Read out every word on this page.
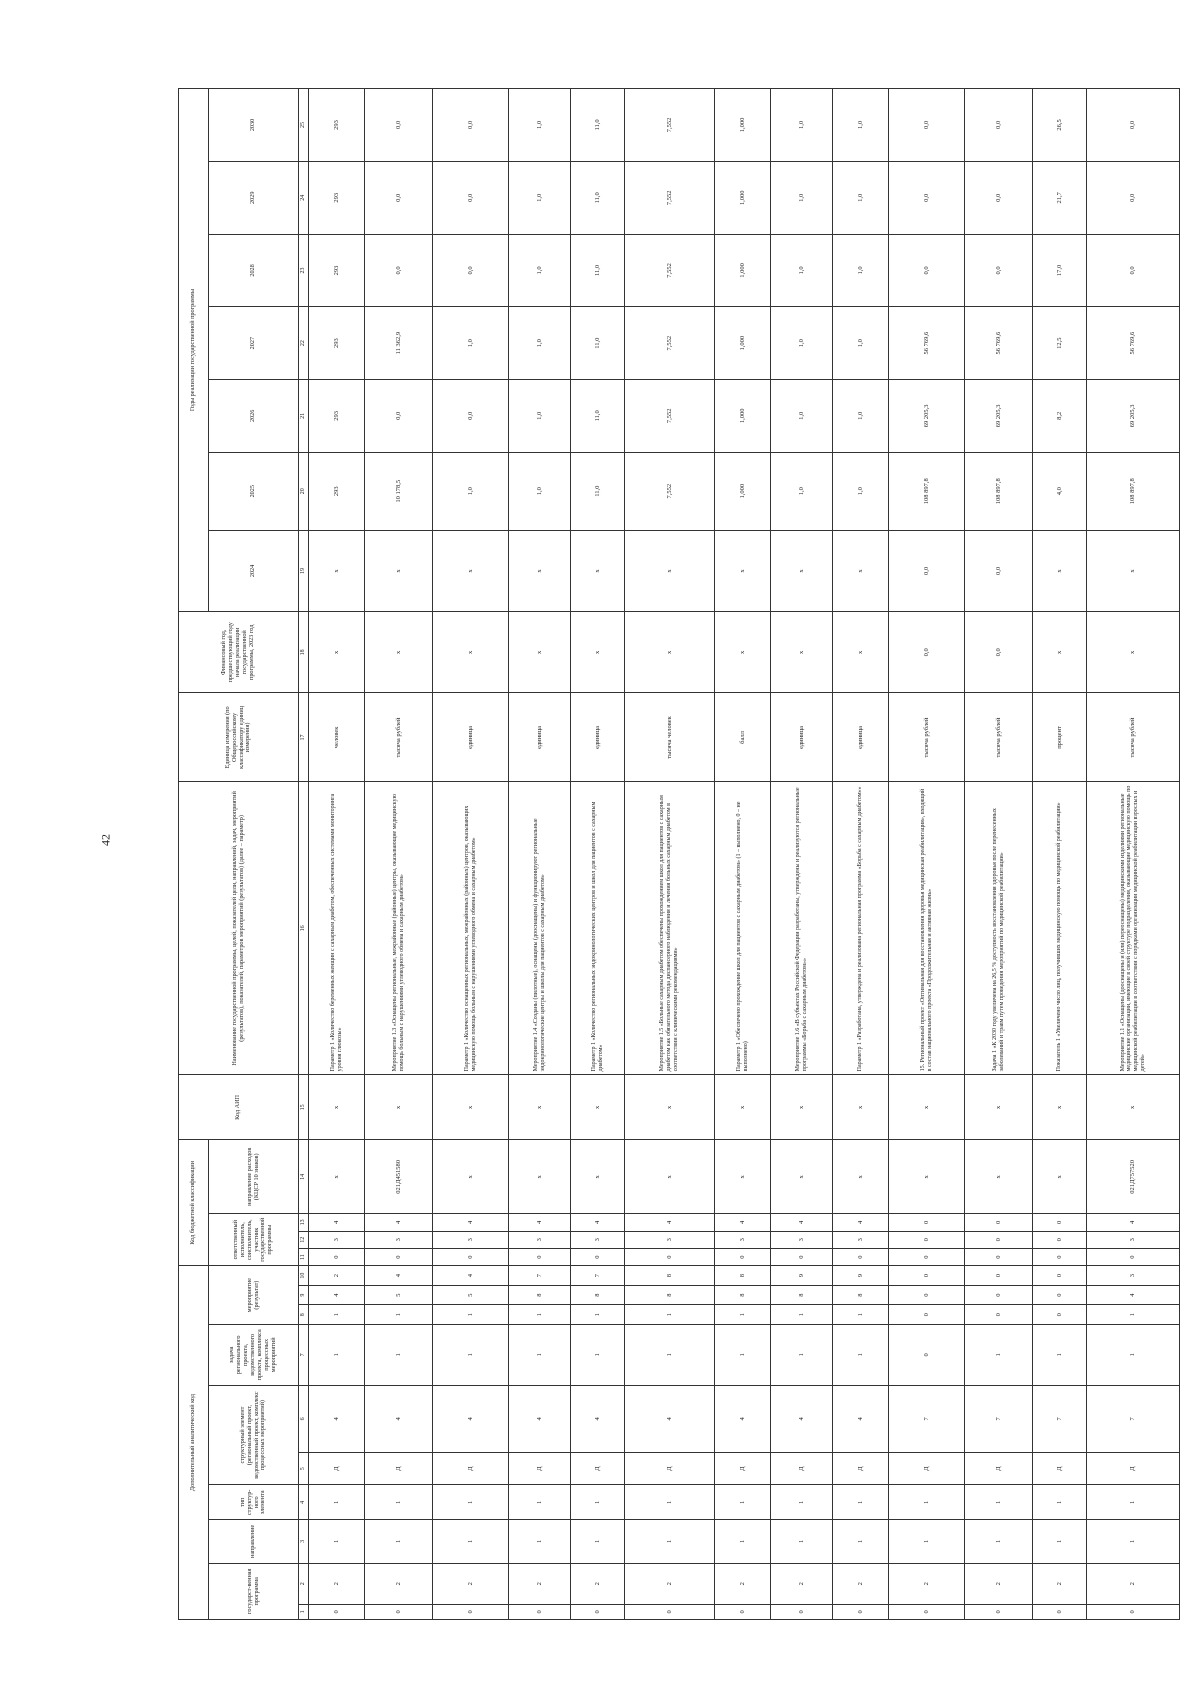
42
Дополнительный аналитический код										Код бюджетной классификации				Код АИП	Наименование государственной программы, целей, показателей цели, направлений, задач, мероприятий (результатов), показателей, параметров мероприятий (результатов) (далее – параметр)	Единица измерения (по Общероссийскому классификатору единиц измерения)	Финансовый год, предшествующий году начала реализации государственной программы, 2023 год	Годы реализации государственной программы						
государст-венная программа		направление	тип структур-ного элемента	структурный элемент (региональный проект, ведомственный проект, комплекс процессных мероприятий)		задача регионального проекта, ведомственного проекта, комплекса процессных мероприятий	мероприятие (результат)			ответственный исполнитель, соисполнитель, участник государственной программы			направление расходов (КЦСР 10 знаков)					2024	2025	2026	2027	2028	2029	2030

1	2	3	4	5	6	7	8	9	10	11	12	13	14	15	16	17	18	19	20	21	22	23	24	25
0	2	1	1	Д	4	1	1	4	2	0	3	4	х	х	Параметр 1 «Количество беременных женщин с сахарным диабетом, обеспеченных системами мониторинга уровня глюкозы»	человек	х	х	293	293	293	293	293	293
0	2	1	1	Д	4	1	1	5	4	0	3	4	021Д451580	х	Мероприятие 1.3 «Оснащены региональные, межрайонные (районные) центры, оказывающие медицинскую помощь больным с нарушениями углеводного обмена и сахарным диабетом»	тысяча рублей	х	х	10 178,5	0,0	11 362,9	0,0	0,0	0,0
0	2	1	1	Д	4	1	1	5	4	0	3	4	х	х	Параметр 1 «Количество оснащенных региональных, межрайонных (районных) центров, оказывающих медицинскую помощь больным с нарушениями углеводного обмена и сахарным диабетом»	единица	х	х	1,0	0,0	1,0	0,0	0,0	0,0
0	2	1	1	Д	4	1	1	8	7	0	3	4	х	х	Мероприятие 1.4 «Созданы (пилотные), оснащены (дооснащены) и функционируют региональные эндокринологические центры и школы для пациентов с сахарным диабетом»	единица	х	х	1,0	1,0	1,0	1,0	1,0	1,0
0	2	1	1	Д	4	1	1	8	7	0	3	4	х	х	Параметр 1 «Количество региональных эндокринологических центров и школ для пациентов с сахарным диабетом»	единица	х	х	11,0	11,0	11,0	11,0	11,0	11,0
0	2	1	1	Д	4	1	1	8	8	0	3	4	х	х	Мероприятие 1.5 «Больные сахарным диабетом обеспечены прохождением школ для пациентов с сахарным диабетом как обязательного метода диспансерного наблюдения и лечения больных сахарным диабетом в соответствии с клиническими рекомендациями»	тысяча человек	х	х	7,552	7,552	7,552	7,552	7,552	7,552
0	2	1	1	Д	4	1	1	8	8	0	3	4	х	х	Параметр 1 «Обеспечено прохождение школ для пациентов с сахарным диабетом» (1 – выполнено, 0 – не выполнено)	балл	х	х	1,000	1,000	1,000	1,000	1,000	1,000
0	2	1	1	Д	4	1	1	8	9	0	3	4	х	х	Мероприятие 1.6 «В субъектах Российской Федерации разработаны, утверждены и реализуются региональные программы «Борьба с сахарным диабетом»»	единица	х	х	1,0	1,0	1,0	1,0	1,0	1,0
0	2	1	1	Д	4	1	1	8	9	0	3	4	х	х	Параметр 1 «Разработана, утверждена и реализована региональная программа «Борьба с сахарным диабетом»»	единица	х	х	1,0	1,0	1,0	1,0	1,0	1,0
0	2	1	1	Д	7	0	0	0	0	0	0	0	х	х	15. Региональный проект «Оптимальная для восстановления здоровья медицинская реабилитация», входящий в состав национального проекта «Продолжительная и активная жизнь»	тысяча рублей	0,0	0,0	108 897,8	69 205,3	56 769,6	0,0	0,0	0,0
0	2	1	1	Д	7	1	0	0	0	0	0	0	х	х	Задача 1 «К 2030 году увеличена на 26,5 % доступность восстановления здоровья после перенесенных заболеваний и травм путем проведения мероприятий по медицинской реабилитации»	тысяча рублей	0,0	0,0	108 897,8	69 205,3	56 769,6	0,0	0,0	0,0
0	2	1	1	Д	7	1	0	0	0	0	0	0	х	х	Показатель 1 «Увеличено число лиц, получивших медицинскую помощь по медицинской реабилитации»	процент	х	х	4,0	8,2	12,5	17,0	21,7	26,5
0	2	1	1	Д	7	1	1	4	3	0	3	4	021Д757520	х	Мероприятие 1.1 «Оснащены (дооснащены и (или) переоснащены) медицинскими изделиями региональные медицинские организации, имеющие в своей структуре подразделения, оказывающие медицинскую помощь по медицинской реабилитации в соответствии с порядками организации медицинской реабилитации взрослых и детей»	тысяча рублей	х	х	108 897,8	69 205,3	56 769,6	0,0	0,0	0,0
